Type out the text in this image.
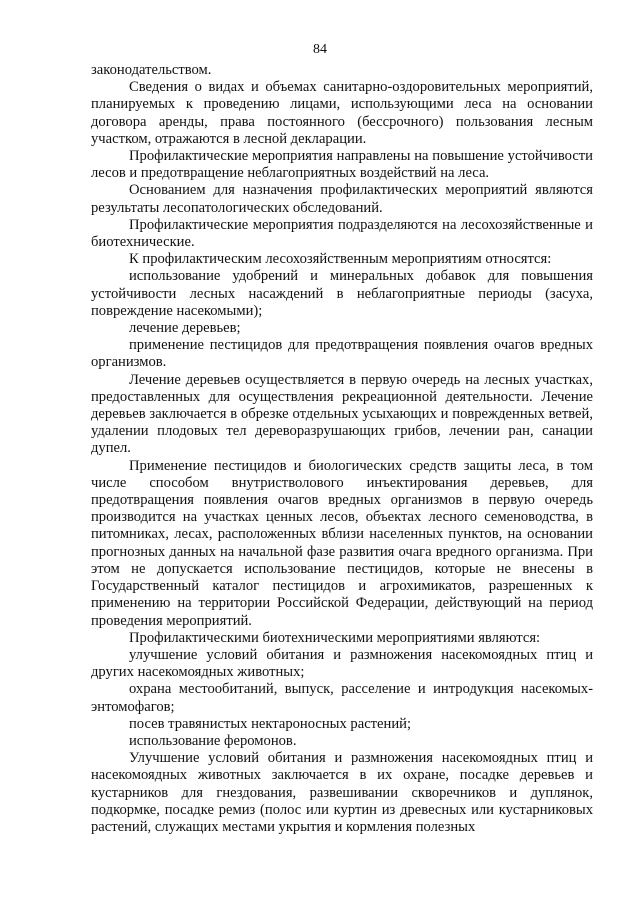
84

законодательством.

Сведения о видах и объемах санитарно-оздоровительных мероприятий, планируемых к проведению лицами, использующими леса на основании договора аренды, права постоянного (бессрочного) пользования лесным участком, отражаются в лесной декларации.

Профилактические мероприятия направлены на повышение устойчивости лесов и предотвращение неблагоприятных воздействий на леса.

Основанием для назначения профилактических мероприятий являются результаты лесопатологических обследований.

Профилактические мероприятия подразделяются на лесохозяйственные и биотехнические.

К профилактическим лесохозяйственным мероприятиям относятся:

использование удобрений и минеральных добавок для повышения устойчивости лесных насаждений в неблагоприятные периоды (засуха, повреждение насекомыми);

лечение деревьев;

применение пестицидов для предотвращения появления очагов вредных организмов.

Лечение деревьев осуществляется в первую очередь на лесных участках, предоставленных для осуществления рекреационной деятельности. Лечение деревьев заключается в обрезке отдельных усыхающих и поврежденных ветвей, удалении плодовых тел дереворазрушающих грибов, лечении ран, санации дупел.

Применение пестицидов и биологических средств защиты леса, в том числе способом внутристволового инъектирования деревьев, для предотвращения появления очагов вредных организмов в первую очередь производится на участках ценных лесов, объектах лесного семеноводства, в питомниках, лесах, расположенных вблизи населенных пунктов, на основании прогнозных данных на начальной фазе развития очага вредного организма. При этом не допускается использование пестицидов, которые не внесены в Государственный каталог пестицидов и агрохимикатов, разрешенных к применению на территории Российской Федерации, действующий на период проведения мероприятий.

Профилактическими биотехническими мероприятиями являются:

улучшение условий обитания и размножения насекомоядных птиц и других насекомоядных животных;

охрана местообитаний, выпуск, расселение и интродукция насекомых-энтомофагов;

посев травянистых нектароносных растений;

использование феромонов.

Улучшение условий обитания и размножения насекомоядных птиц и насекомоядных животных заключается в их охране, посадке деревьев и кустарников для гнездования, развешивании скворечников и дуплянок, подкормке, посадке ремиз (полос или куртин из древесных или кустарниковых растений, служащих местами укрытия и кормления полезных
